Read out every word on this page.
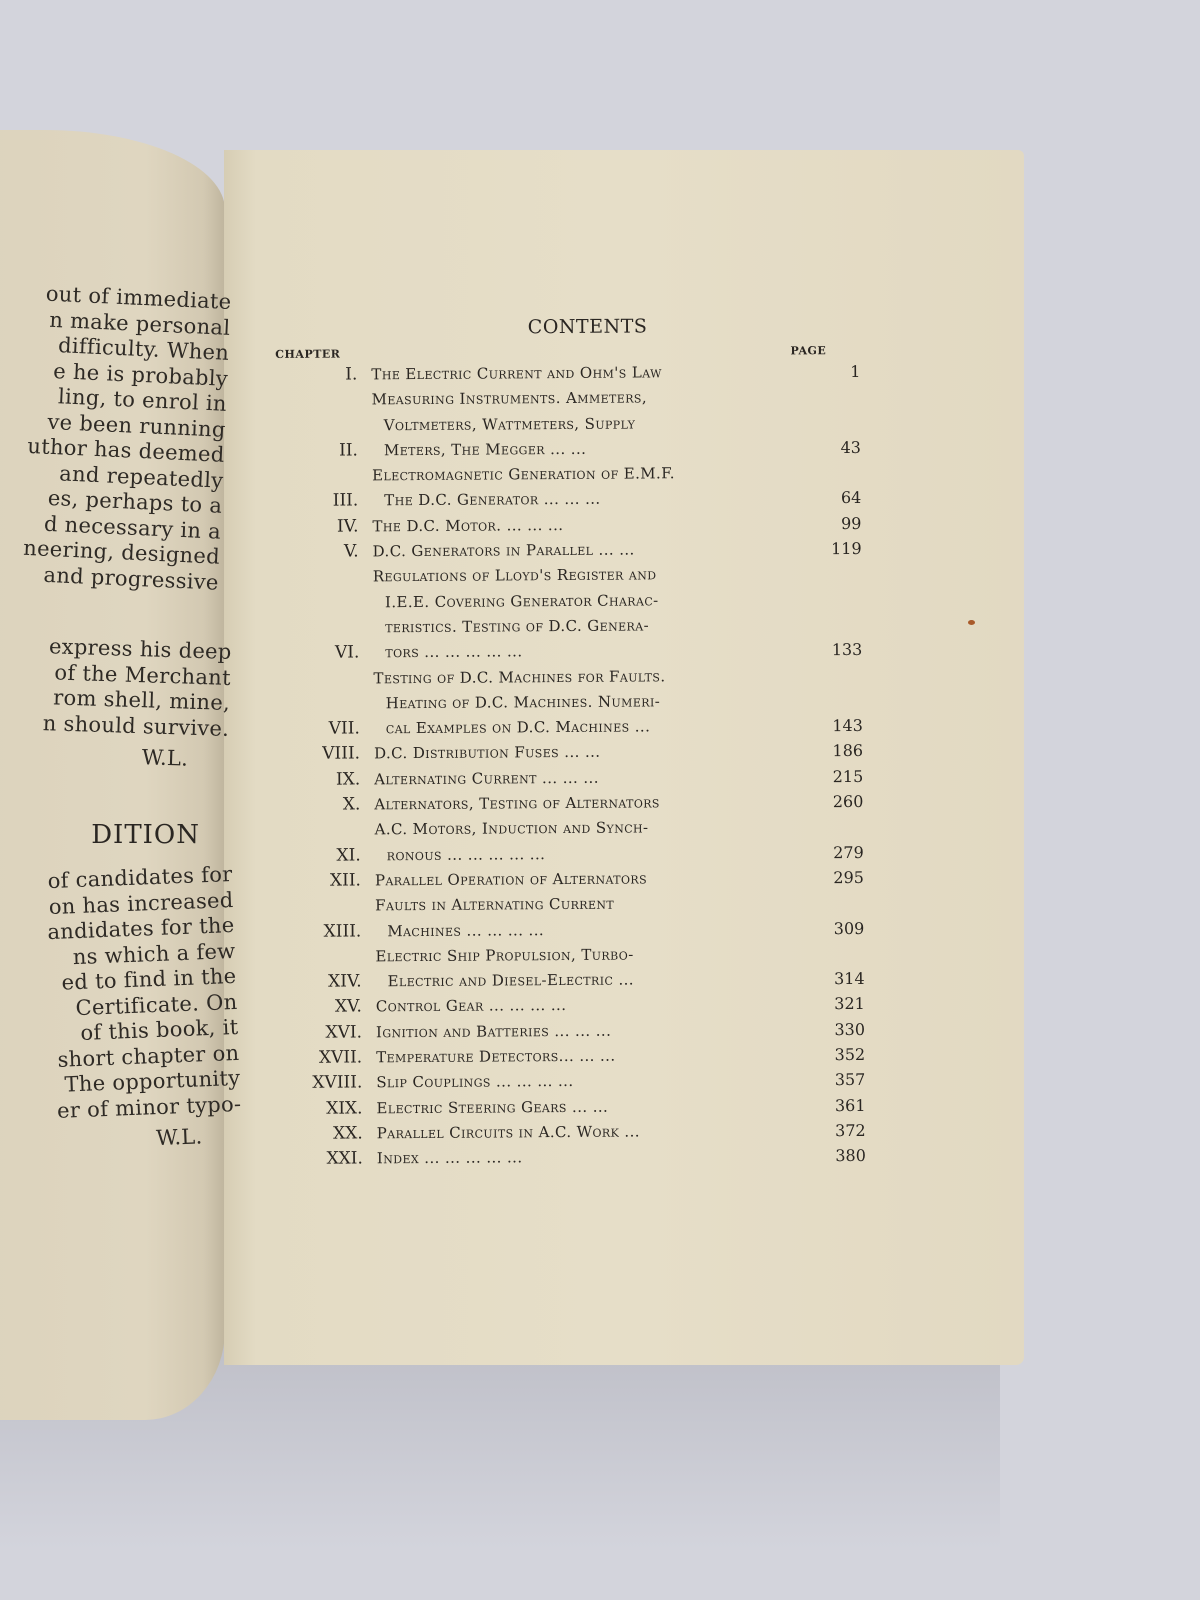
out of immediate
n make personal
difficulty. When
e he is probably
ling, to enrol in
ve been running
uthor has deemed
and repeatedly
es, perhaps to a
d necessary in a
neering, designed
and progressive
express his deep
of the Merchant
rom shell, mine,
n should survive.
W.L.
DITION
of candidates for
on has increased
andidates for the
ns which a few
ed to find in the
Certificate. On
of this book, it
short chapter on
The opportunity
er of minor typo-
W.L.
CONTENTS
CHAPTER	PAGE
I. The Electric Current and Ohm's Law	1
II.
Measuring Instruments. Ammeters,
Voltmeters, Wattmeters, Supply
Meters, The Megger ... ...	43
III.
Electromagnetic Generation of E.M.F.
The D.C. Generator ... ... ...	64
IV. The D.C. Motor. ... ... ...	99
V. D.C. Generators in Parallel ... ...	119
VI.
Regulations of Lloyd's Register and
I.E.E. Covering Generator Charac-
teristics. Testing of D.C. Genera-
tors ... ... ... ... ...	133
VII.
Testing of D.C. Machines for Faults.
Heating of D.C. Machines. Numeri-
cal Examples on D.C. Machines ...	143
VIII. D.C. Distribution Fuses ... ...	186
IX. Alternating Current ... ... ...	215
X. Alternators, Testing of Alternators	260
XI.
A.C. Motors, Induction and Synch-
ronous ... ... ... ... ...	279
XII. Parallel Operation of Alternators	295
XIII.
Faults in Alternating Current
Machines ... ... ... ...	309
XIV.
Electric Ship Propulsion, Turbo-
Electric and Diesel-Electric ...	314
XV. Control Gear ... ... ... ...	321
XVI. Ignition and Batteries ... ... ...	330
XVII. Temperature Detectors... ... ...	352
XVIII. Slip Couplings ... ... ... ...	357
XIX. Electric Steering Gears ... ...	361
XX. Parallel Circuits in A.C. Work ...	372
XXI. Index ... ... ... ... ...	380
